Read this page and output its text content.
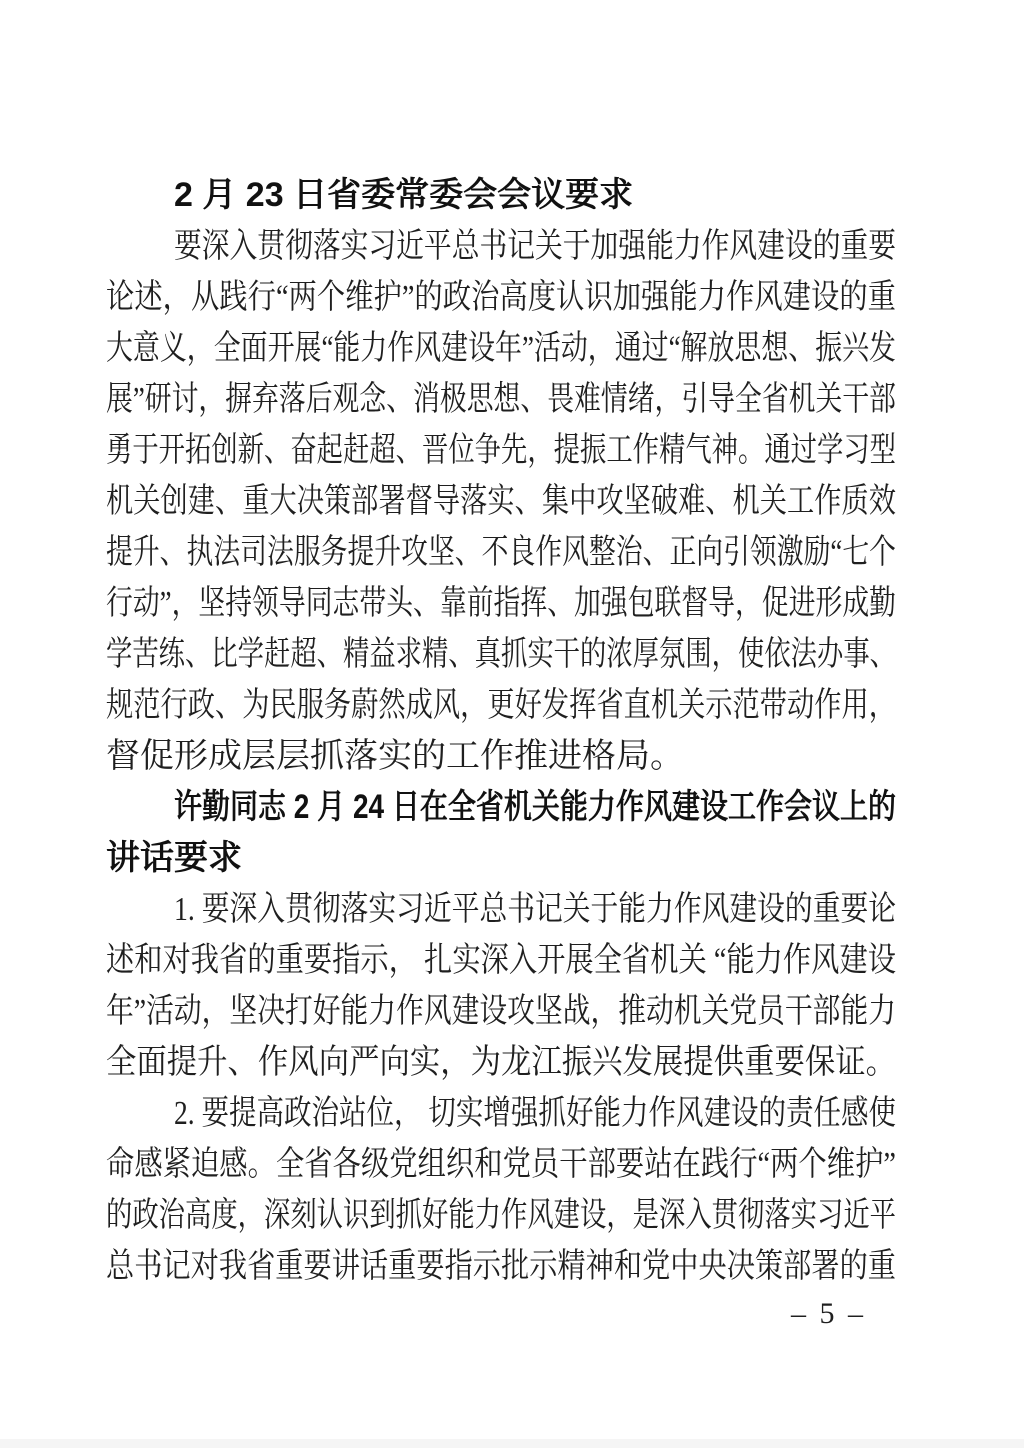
2 月 23 日省委常委会会议要求
要深入贯彻落实习近平总书记关于加强能力作风建设的重要
论述，从践行“两个维护”的政治高度认识加强能力作风建设的重
大意义，全面开展“能力作风建设年”活动，通过“解放思想、振兴发
展”研讨，摒弃落后观念、消极思想、畏难情绪，引导全省机关干部
勇于开拓创新、奋起赶超、晋位争先，提振工作精气神。通过学习型
机关创建、重大决策部署督导落实、集中攻坚破难、机关工作质效
提升、执法司法服务提升攻坚、不良作风整治、正向引领激励“七个
行动”，坚持领导同志带头、靠前指挥、加强包联督导，促进形成勤
学苦练、比学赶超、精益求精、真抓实干的浓厚氛围，使依法办事、
规范行政、为民服务蔚然成风，更好发挥省直机关示范带动作用，
督促形成层层抓落实的工作推进格局。
许勤同志 2 月 24 日在全省机关能力作风建设工作会议上的
讲话要求
1. 要深入贯彻落实习近平总书记关于能力作风建设的重要论
述和对我省的重要指示， 扎实深入开展全省机关 “能力作风建设
年”活动，坚决打好能力作风建设攻坚战，推动机关党员干部能力
全面提升、作风向严向实，为龙江振兴发展提供重要保证。
2. 要提高政治站位， 切实增强抓好能力作风建设的责任感使
命感紧迫感。全省各级党组织和党员干部要站在践行“两个维护”
的政治高度，深刻认识到抓好能力作风建设，是深入贯彻落实习近平
总书记对我省重要讲话重要指示批示精神和党中央决策部署的重
– 5 –
